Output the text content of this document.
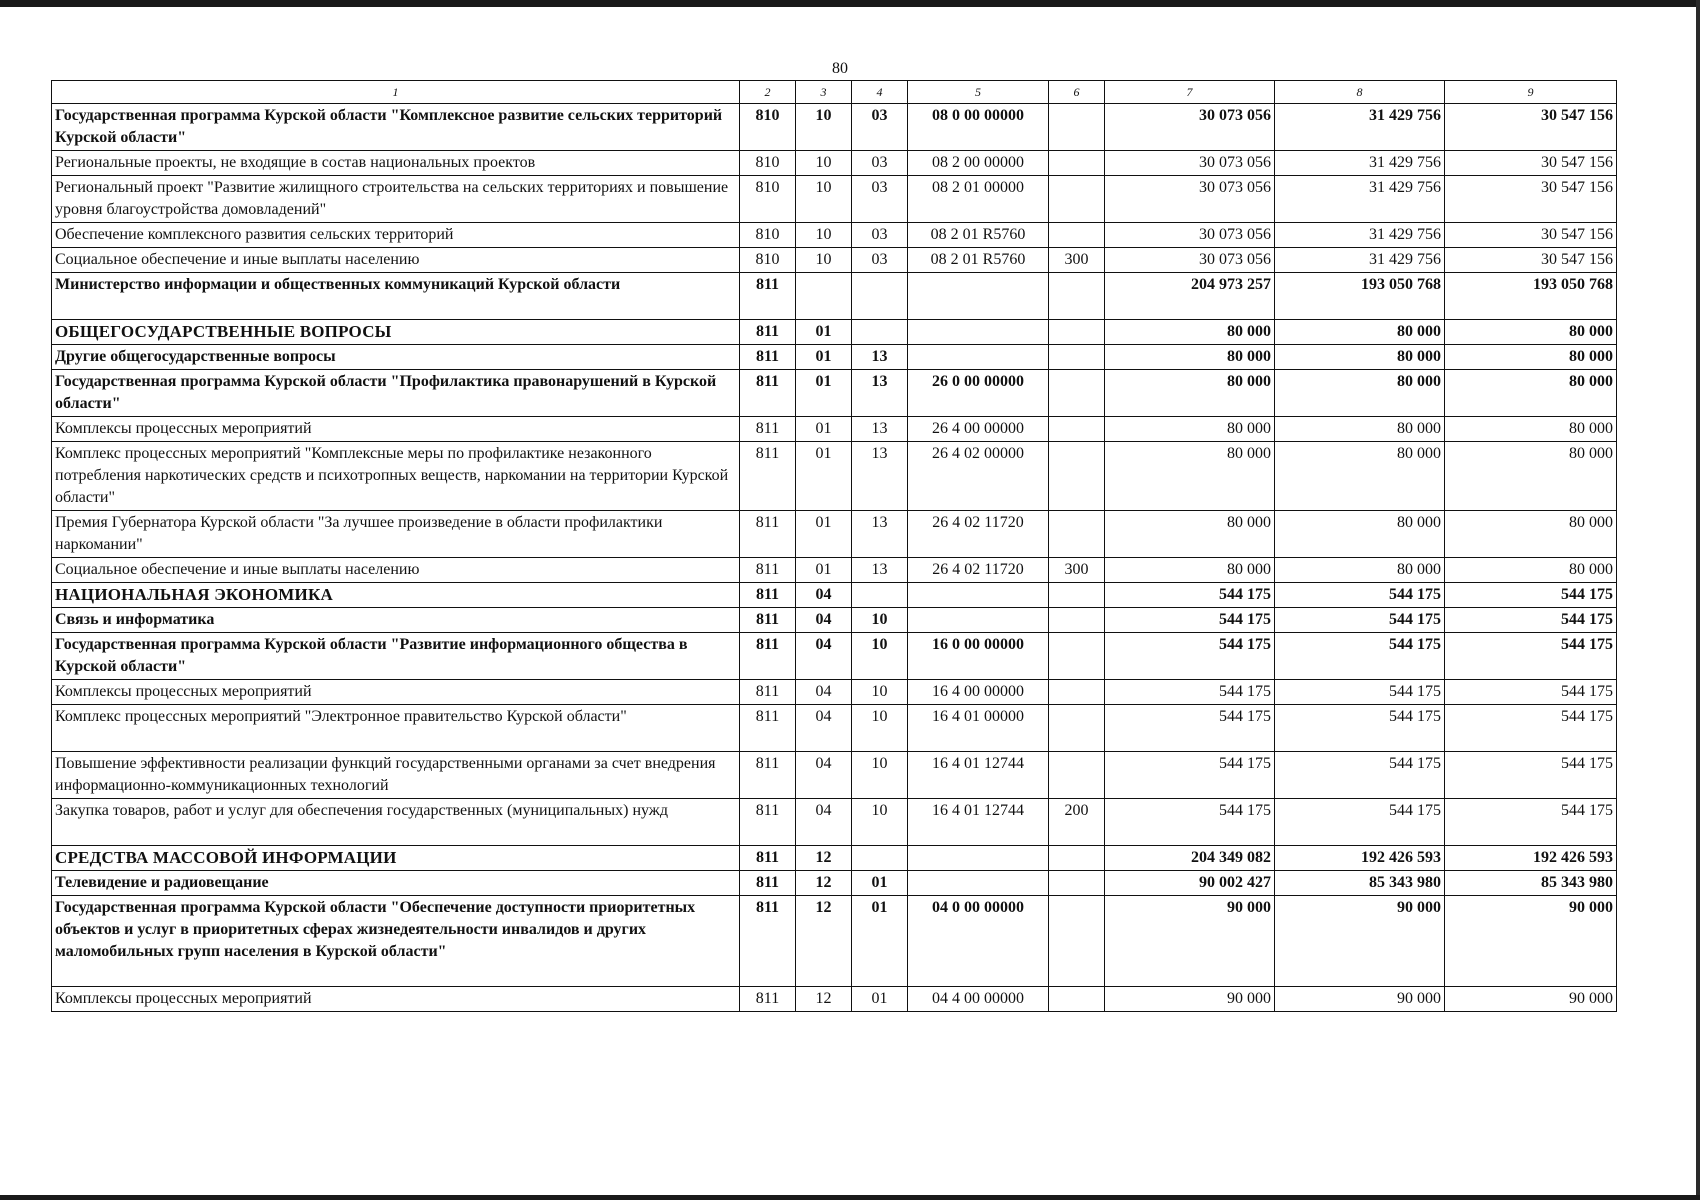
80
1	2	3	4	5	6	7	8	9
Государственная программа Курской области "Комплексное развитие сельских территорий Курской области"	810	10	03	08 0 00 00000		30 073 056	31 429 756	30 547 156
Региональные проекты, не входящие в состав национальных проектов	810	10	03	08 2 00 00000		30 073 056	31 429 756	30 547 156
Региональный проект "Развитие жилищного строительства на сельских территориях и повышение уровня благоустройства домовладений"	810	10	03	08 2 01 00000		30 073 056	31 429 756	30 547 156
Обеспечение комплексного развития сельских территорий	810	10	03	08 2 01 R5760		30 073 056	31 429 756	30 547 156
Социальное обеспечение и иные выплаты населению	810	10	03	08 2 01 R5760	300	30 073 056	31 429 756	30 547 156
Министерство информации и общественных коммуникаций Курской области	811					204 973 257	193 050 768	193 050 768
ОБЩЕГОСУДАРСТВЕННЫЕ ВОПРОСЫ	811	01				80 000	80 000	80 000
Другие общегосударственные вопросы	811	01	13			80 000	80 000	80 000
Государственная программа Курской области "Профилактика правонарушений в Курской области"	811	01	13	26 0 00 00000		80 000	80 000	80 000
Комплексы процессных мероприятий	811	01	13	26 4 00 00000		80 000	80 000	80 000
Комплекс процессных мероприятий "Комплексные меры по профилактике незаконного потребления наркотических средств и психотропных веществ, наркомании на территории Курской области"	811	01	13	26 4 02 00000		80 000	80 000	80 000
Премия Губернатора Курской области "За лучшее произведение в области профилактики наркомании"	811	01	13	26 4 02 11720		80 000	80 000	80 000
Социальное обеспечение и иные выплаты населению	811	01	13	26 4 02 11720	300	80 000	80 000	80 000
НАЦИОНАЛЬНАЯ ЭКОНОМИКА	811	04				544 175	544 175	544 175
Связь и информатика	811	04	10			544 175	544 175	544 175
Государственная программа Курской области "Развитие информационного общества в Курской области"	811	04	10	16 0 00 00000		544 175	544 175	544 175
Комплексы процессных мероприятий	811	04	10	16 4 00 00000		544 175	544 175	544 175
Комплекс процессных мероприятий "Электронное правительство Курской области"	811	04	10	16 4 01 00000		544 175	544 175	544 175
Повышение эффективности реализации функций государственными органами за счет внедрения информационно-коммуникационных технологий	811	04	10	16 4 01 12744		544 175	544 175	544 175
Закупка товаров, работ и услуг для обеспечения государственных (муниципальных) нужд	811	04	10	16 4 01 12744	200	544 175	544 175	544 175
СРЕДСТВА МАССОВОЙ ИНФОРМАЦИИ	811	12				204 349 082	192 426 593	192 426 593
Телевидение и радиовещание	811	12	01			90 002 427	85 343 980	85 343 980
Государственная программа Курской области "Обеспечение доступности приоритетных объектов и услуг в приоритетных сферах жизнедеятельности инвалидов и других маломобильных групп населения в Курской области"	811	12	01	04 0 00 00000		90 000	90 000	90 000
Комплексы процессных мероприятий	811	12	01	04 4 00 00000		90 000	90 000	90 000
